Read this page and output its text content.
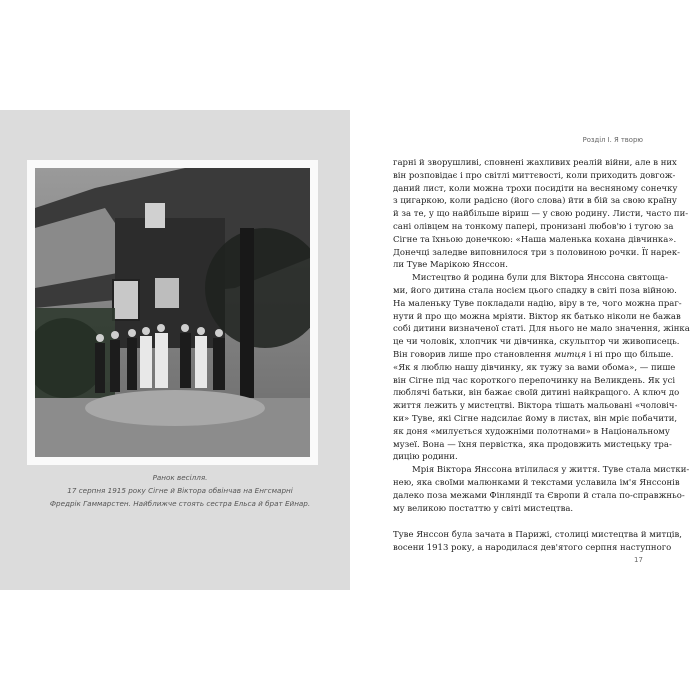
Ранок весілля.
17 серпня 1915 року Сігне й Віктора обвінчав на Енгсмарні
Фредрік Гаммарстен. Найближче стоять сестра Ельса й брат Ейнар.
Розділ І. Я творю
гарні й зворушливі, сповнені жахливих реалій війни, але в них
він розповідає і про світлі миттєвості, коли приходить довгож-
даний лист, коли можна трохи посидіти на весняному сонечку
з цигаркою, коли радісно (його слова) йти в бій за свою країну
й за те, у що найбільше віриш — у свою родину. Листи, часто пи-
сані олівцем на тонкому папері, пронизані любов'ю і тугою за
Сігне та їхньою донечкою: «Наша маленька кохана дівчинка».
Донечці заледве виповнилося три з половиною рочки. Її нарек-
ли Туве Марікою Янссон.
Мистецтво й родина були для Віктора Янссона святоща-
ми, його дитина стала носієм цього спадку в світі поза війною.
На маленьку Туве покладали надію, віру в те, чого можна праг-
нути й про що можна мріяти. Віктор як батько ніколи не бажав
собі дитини визначеної статі. Для нього не мало значення, жінка
це чи чоловік, хлопчик чи дівчинка, скульптор чи живописець.
Він говорив лише про становлення митця і ні про що більше.
«Як я люблю нашу дівчинку, як тужу за вами обома», — пише
він Сігне під час короткого перепочинку на Великдень. Як усі
люблячі батьки, він бажає своїй дитині найкращого. А ключ до
життя лежить у мистецтві. Віктора тішать мальовані «чоловіч-
ки» Туве, які Сігне надсилає йому в листах, він мріє побачити,
як доня «милується художніми полотнами» в Національному
музеї. Вона — їхня первістка, яка продовжить мистецьку тра-
дицію родини.
Мрія Віктора Янссона втілилася у життя. Туве стала мистки-
нею, яка своїми малюнками й текстами уславила ім'я Янссонів
далеко поза межами Фінляндії та Європи й стала по-справжньо-
му великою постаттю у світі мистецтва.
Туве Янссон була зачата в Парижі, столиці мистецтва й митців,
восени 1913 року, а народилася дев'ятого серпня наступного
17
